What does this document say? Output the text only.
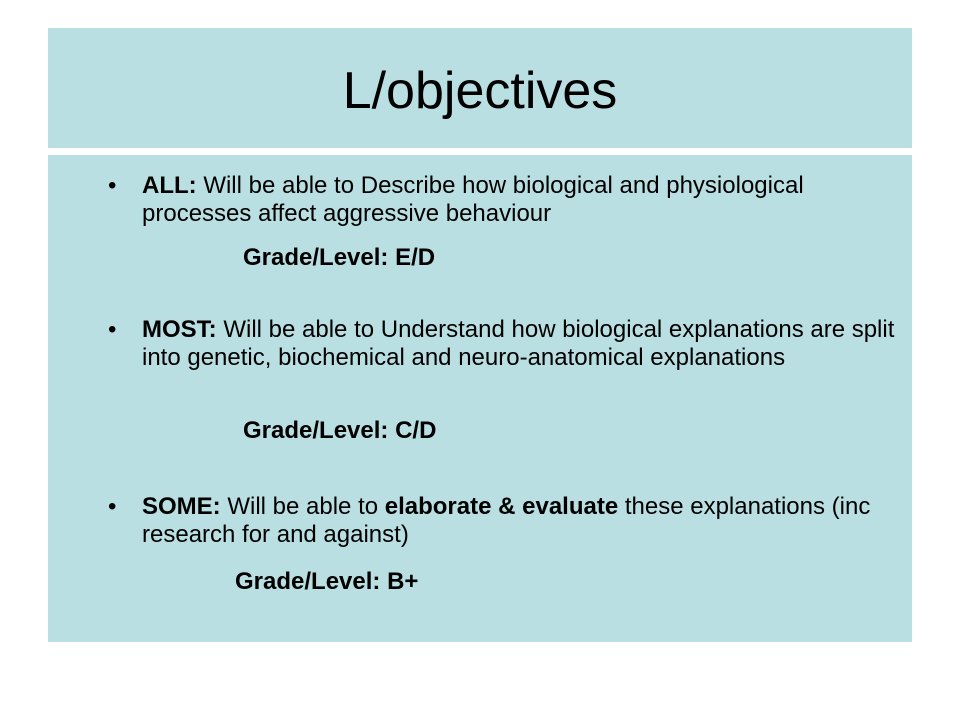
L/objectives
• ALL: Will be able to Describe how biological and physiological processes affect aggressive behaviour
Grade/Level: E/D
• MOST: Will be able to Understand how biological explanations are split into genetic, biochemical and neuro-anatomical explanations
Grade/Level: C/D
• SOME: Will be able to elaborate & evaluate these explanations (inc research for and against)
Grade/Level: B+
